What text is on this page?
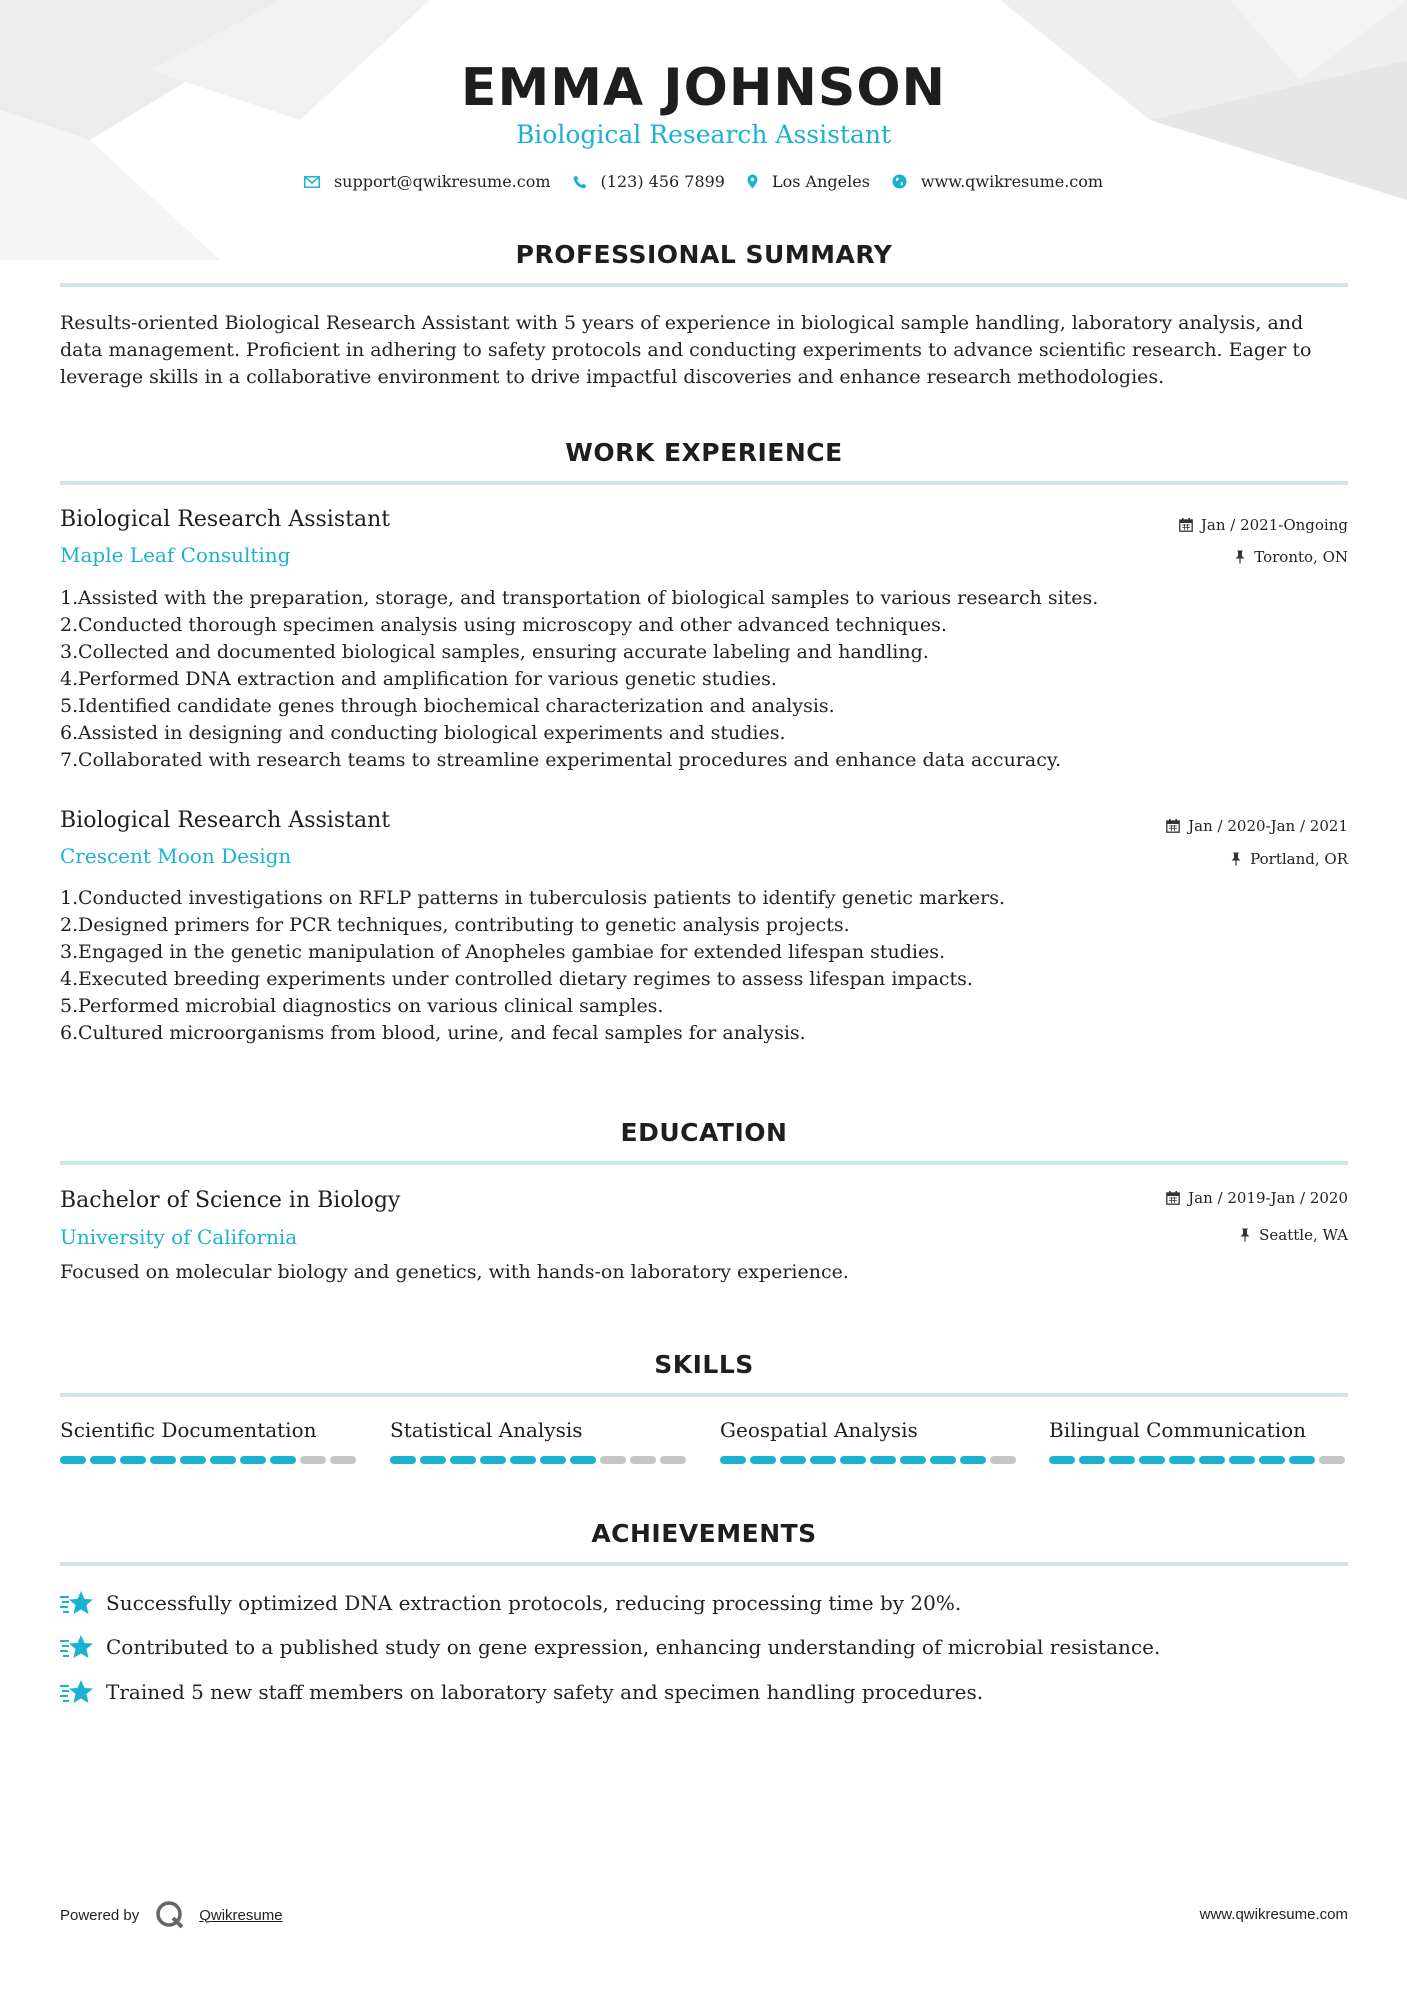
EMMA JOHNSON
Biological Research Assistant
support@qwikresume.com	(123) 456 7899	Los Angeles	www.qwikresume.com
PROFESSIONAL SUMMARY

Results-oriented Biological Research Assistant with 5 years of experience in biological sample handling, laboratory analysis, and data management. Proficient in adhering to safety protocols and conducting experiments to advance scientific research. Eager to leverage skills in a collaborative environment to drive impactful discoveries and enhance research methodologies.

WORK EXPERIENCE
Biological Research Assistant
Maple Leaf Consulting
Jan / 2021-Ongoing
Toronto, ON
1. Assisted with the preparation, storage, and transportation of biological samples to various research sites.
2. Conducted thorough specimen analysis using microscopy and other advanced techniques.
3. Collected and documented biological samples, ensuring accurate labeling and handling.
4. Performed DNA extraction and amplification for various genetic studies.
5. Identified candidate genes through biochemical characterization and analysis.
6. Assisted in designing and conducting biological experiments and studies.
7. Collaborated with research teams to streamline experimental procedures and enhance data accuracy.
Biological Research Assistant
Crescent Moon Design
Jan / 2020-Jan / 2021
Portland, OR
1. Conducted investigations on RFLP patterns in tuberculosis patients to identify genetic markers.
2. Designed primers for PCR techniques, contributing to genetic analysis projects.
3. Engaged in the genetic manipulation of Anopheles gambiae for extended lifespan studies.
4. Executed breeding experiments under controlled dietary regimes to assess lifespan impacts.
5. Performed microbial diagnostics on various clinical samples.
6. Cultured microorganisms from blood, urine, and fecal samples for analysis.
EDUCATION
Bachelor of Science in Biology
University of California
Jan / 2019-Jan / 2020
Seattle, WA

Focused on molecular biology and genetics, with hands-on laboratory experience.

SKILLS
Scientific Documentation	Statistical Analysis	Geospatial Analysis	Bilingual Communication
ACHIEVEMENTS
Successfully optimized DNA extraction protocols, reducing processing time by 20%.
Contributed to a published study on gene expression, enhancing understanding of microbial resistance.
Trained 5 new staff members on laboratory safety and specimen handling procedures.
Powered by	Qwikresume	www.qwikresume.com
